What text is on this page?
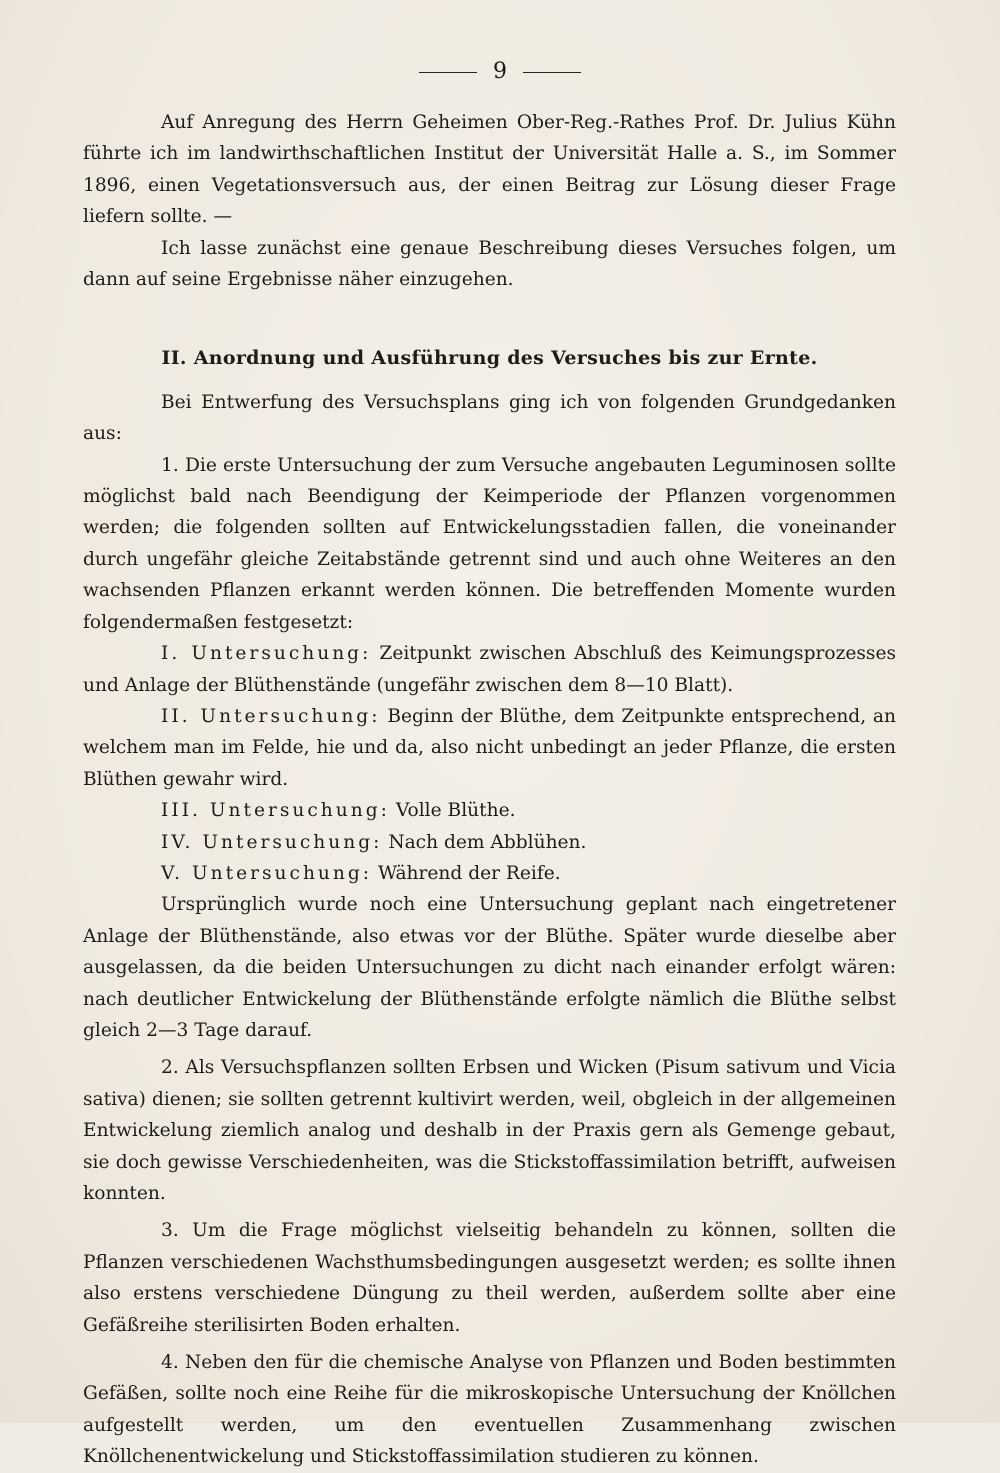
9

Auf Anregung des Herrn Geheimen Ober-Reg.-Rathes Prof. Dr. Julius Kühn führte ich im landwirthschaftlichen Institut der Universität Halle a. S., im Sommer 1896, einen Vegetationsversuch aus, der einen Beitrag zur Lösung dieser Frage liefern sollte. —

Ich lasse zunächst eine genaue Beschreibung dieses Versuches folgen, um dann auf seine Ergebnisse näher einzugehen.

II. Anordnung und Ausführung des Versuches bis zur Ernte.

Bei Entwerfung des Versuchsplans ging ich von folgenden Grundgedanken aus:

1. Die erste Untersuchung der zum Versuche angebauten Leguminosen sollte möglichst bald nach Beendigung der Keimperiode der Pflanzen vorgenommen werden; die folgenden sollten auf Entwickelungsstadien fallen, die voneinander durch ungefähr gleiche Zeitabstände getrennt sind und auch ohne Weiteres an den wachsenden Pflanzen erkannt werden können. Die betreffenden Momente wurden folgendermaßen festgesetzt:

I. Untersuchung: Zeitpunkt zwischen Abschluß des Keimungsprozesses und Anlage der Blüthenstände (ungefähr zwischen dem 8—10 Blatt).

II. Untersuchung: Beginn der Blüthe, dem Zeitpunkte entsprechend, an welchem man im Felde, hie und da, also nicht unbedingt an jeder Pflanze, die ersten Blüthen gewahr wird.

III. Untersuchung: Volle Blüthe.

IV. Untersuchung: Nach dem Abblühen.

V. Untersuchung: Während der Reife.

Ursprünglich wurde noch eine Untersuchung geplant nach eingetretener Anlage der Blüthenstände, also etwas vor der Blüthe. Später wurde dieselbe aber ausgelassen, da die beiden Untersuchungen zu dicht nach einander erfolgt wären: nach deutlicher Entwickelung der Blüthenstände erfolgte nämlich die Blüthe selbst gleich 2—3 Tage darauf.

2. Als Versuchspflanzen sollten Erbsen und Wicken (Pisum sativum und Vicia sativa) dienen; sie sollten getrennt kultivirt werden, weil, obgleich in der allgemeinen Entwickelung ziemlich analog und deshalb in der Praxis gern als Gemenge gebaut, sie doch gewisse Verschiedenheiten, was die Stickstoffassimilation betrifft, aufweisen konnten.

3. Um die Frage möglichst vielseitig behandeln zu können, sollten die Pflanzen verschiedenen Wachsthumsbedingungen ausgesetzt werden; es sollte ihnen also erstens verschiedene Düngung zu theil werden, außerdem sollte aber eine Gefäßreihe sterilisirten Boden erhalten.

4. Neben den für die chemische Analyse von Pflanzen und Boden bestimmten Gefäßen, sollte noch eine Reihe für die mikroskopische Untersuchung der Knöllchen aufgestellt werden, um den eventuellen Zusammenhang zwischen Knöllchenentwickelung und Stickstoffassimilation studieren zu können.
